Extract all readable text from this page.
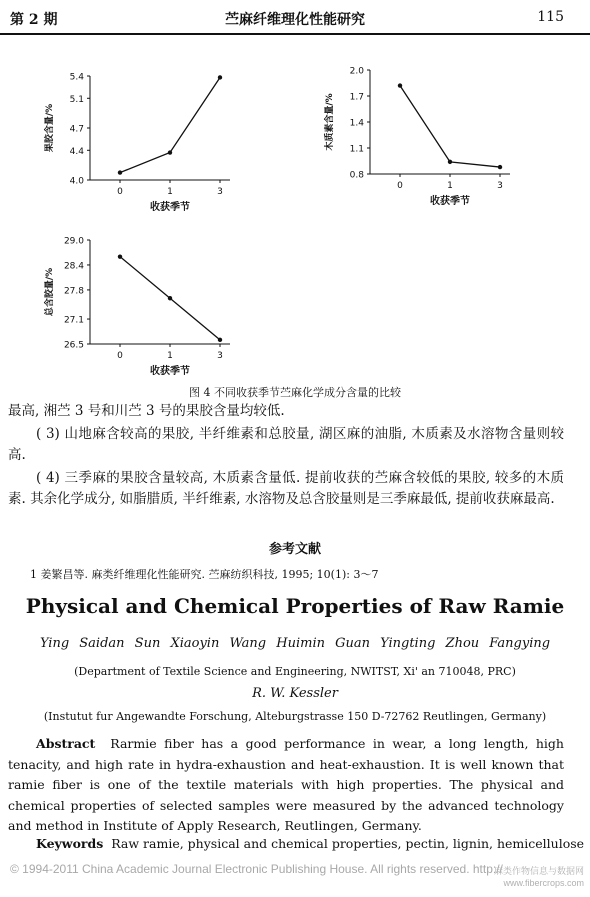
第 2 期	苎麻纤维理化性能研究	115
4.0
4.4
4.7
5.1
5.4
0	1	3
收获季节
果胶含量/%
0.8
1.1
1.4
1.7
2.0
0	1	3
收获季节
木质素含量/%
26.5
27.1
27.8
28.4
29.0
0	1	3
收获季节
总含胶量/%
图 4 不同收获季节苎麻化学成分含量的比较
最高, 湘苎 3 号和川苎 3 号的果胶含量均较低.
( 3) 山地麻含较高的果胶, 半纤维素和总胶量, 湖区麻的油脂, 木质素及水溶物含量则较高.
( 4) 三季麻的果胶含量较高, 木质素含量低. 提前收获的苎麻含较低的果胶, 较多的木质素. 其余化学成分, 如脂腊质, 半纤维素, 水溶物及总含胶量则是三季麻最低, 提前收获麻最高.
参考文献
1 姜繁昌等. 麻类纤维理化性能研究. 苎麻纺织科技, 1995; 10(1): 3～7
Physical and Chemical Properties of Raw Ramie
Ying Saidan Sun Xiaoyin Wang Huimin Guan Yingting Zhou Fangying
(Department of Textile Science and Engineering, NWITST, Xi' an 710048, PRC)
R. W. Kessler
(Instutut fur Angewandte Forschung, Alteburgstrasse 150 D-72762 Reutlingen, Germany)
Abstract Rarmie fiber has a good performance in wear, a long length, high tenacity, and high rate in hydra-exhaustion and heat-exhaustion. It is well known that ramie fiber is one of the textile materials with high properties. The physical and chemical properties of selected samples were measured by the advanced technology and method in Institute of Apply Research, Reutlingen, Germany.
Keywords Raw ramie, physical and chemical properties, pectin, lignin, hemicellulose
© 1994-2011 China Academic Journal Electronic Publishing House. All rights reserved. http://
麻类作物信息与数据网
www.fibercrops.com
